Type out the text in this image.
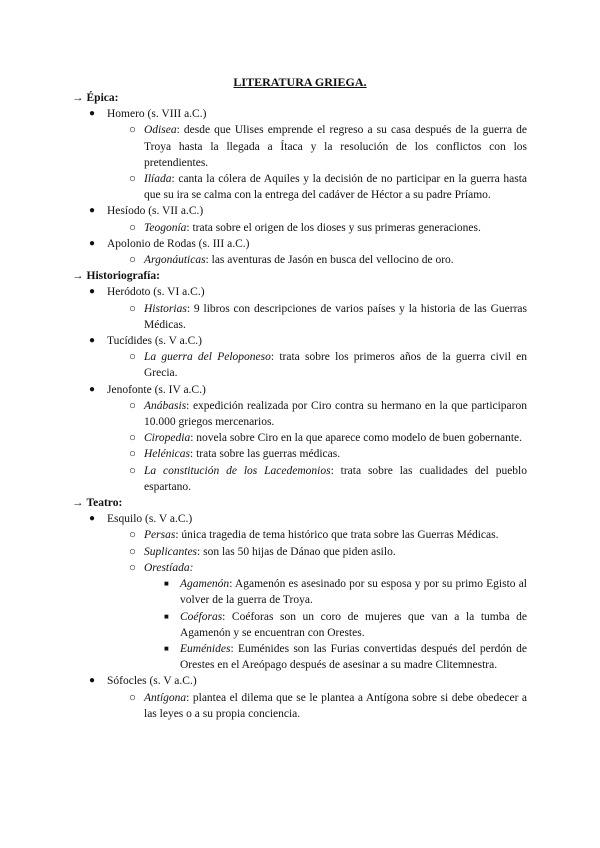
LITERATURA GRIEGA.
→ Épica:
● Homero (s. VIII a.C.)
○ Odisea: desde que Ulises emprende el regreso a su casa después de la guerra de Troya hasta la llegada a Ítaca y la resolución de los conflictos con los pretendientes.
○ Ilíada: canta la cólera de Aquiles y la decisión de no participar en la guerra hasta que su ira se calma con la entrega del cadáver de Héctor a su padre Príamo.
● Hesíodo (s. VII a.C.)
○ Teogonía: trata sobre el origen de los dioses y sus primeras generaciones.
● Apolonio de Rodas (s. III a.C.)
○ Argonáuticas: las aventuras de Jasón en busca del vellocino de oro.
→ Historiografía:
● Heródoto (s. VI a.C.)
○ Historias: 9 libros con descripciones de varios países y la historia de las Guerras Médicas.
● Tucídides (s. V a.C.)
○ La guerra del Peloponeso: trata sobre los primeros años de la guerra civil en Grecia.
● Jenofonte (s. IV a.C.)
○ Anábasis: expedición realizada por Ciro contra su hermano en la que participaron 10.000 griegos mercenarios.
○ Ciropedia: novela sobre Ciro en la que aparece como modelo de buen gobernante.
○ Helénicas: trata sobre las guerras médicas.
○ La constitución de los Lacedemonios: trata sobre las cualidades del pueblo espartano.
→ Teatro:
● Esquilo (s. V a.C.)
○ Persas: única tragedia de tema histórico que trata sobre las Guerras Médicas.
○ Suplicantes: son las 50 hijas de Dánao que piden asilo.
○ Orestíada:
■ Agamenón: Agamenón es asesinado por su esposa y por su primo Egisto al volver de la guerra de Troya.
■ Coéforas: Coéforas son un coro de mujeres que van a la tumba de Agamenón y se encuentran con Orestes.
■ Euménides: Euménides son las Furias convertidas después del perdón de Orestes en el Areópago después de asesinar a su madre Clitemnestra.
● Sófocles (s. V a.C.)
○ Antígona: plantea el dilema que se le plantea a Antígona sobre si debe obedecer a las leyes o a su propia conciencia.
